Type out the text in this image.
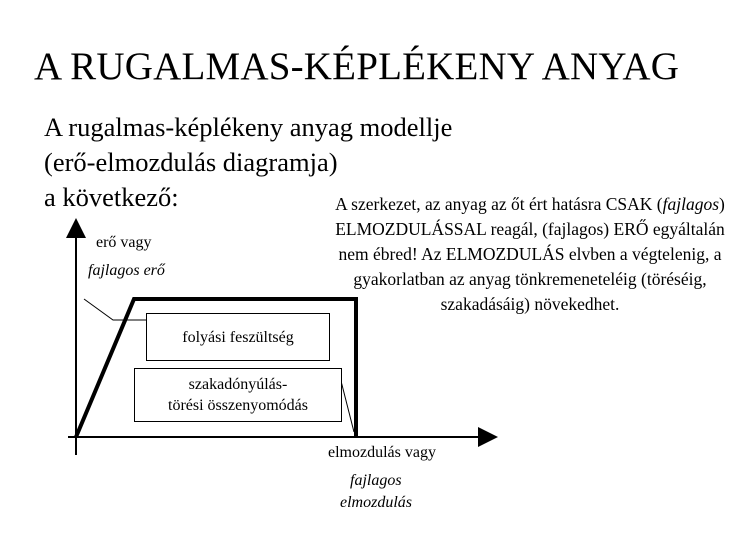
A RUGALMAS-KÉPLÉKENY ANYAG
A rugalmas-képlékeny anyag modellje
(erő-elmozdulás diagramja)
a következő:
erő vagy
fajlagos erő
folyási feszültség
szakadónyúlás-
törési összenyomódás
elmozdulás vagy
fajlagos
elmozdulás
A szerkezet, az anyag az őt ért hatásra CSAK (fajlagos) ELMOZDULÁSSAL reagál, (fajlagos) ERŐ egyáltalán nem ébred! Az ELMOZDULÁS elvben a végtelenig, a gyakorlatban az anyag tönkremeneteléig (töréséig, szakadásáig) növekedhet.
